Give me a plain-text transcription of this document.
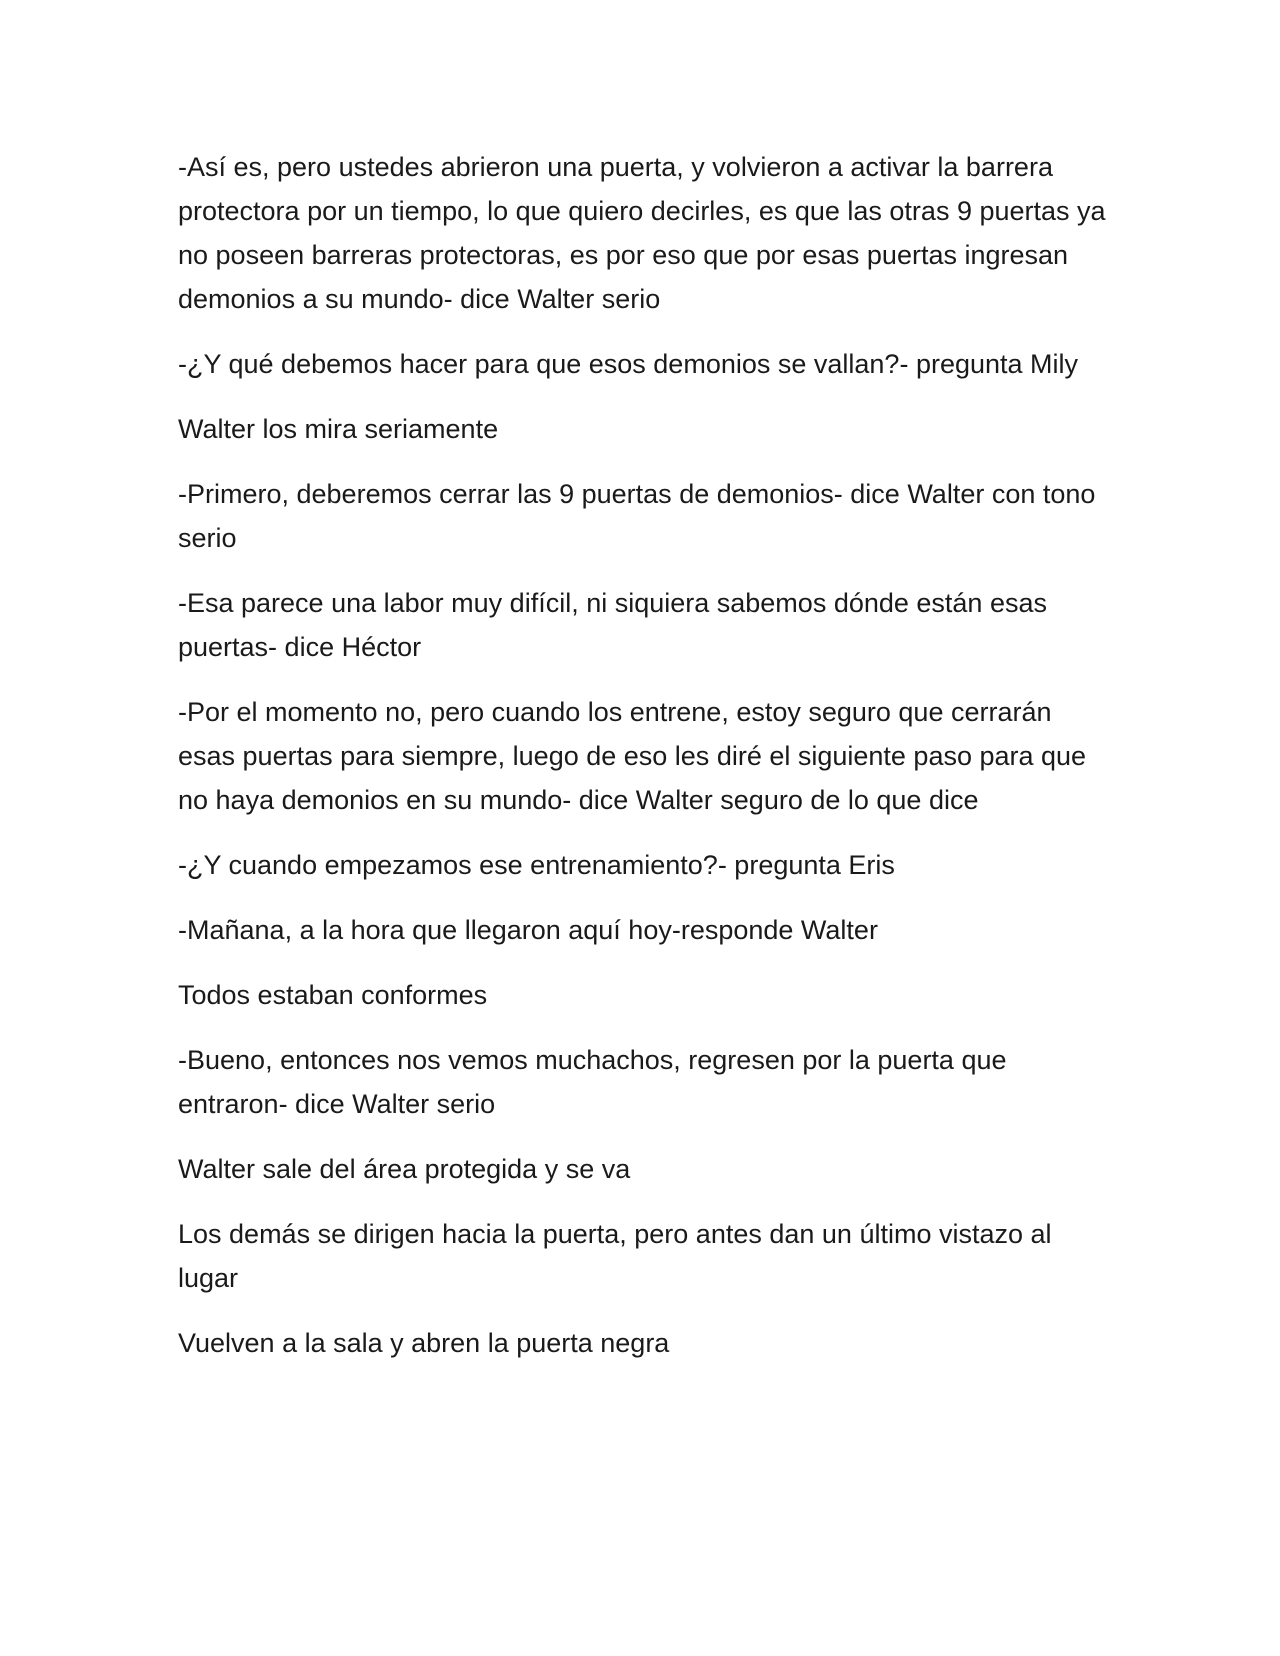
-Así es, pero ustedes abrieron una puerta, y volvieron a activar la barrera protectora por un tiempo, lo que quiero decirles, es que las otras 9 puertas ya no poseen barreras protectoras, es por eso que por esas puertas ingresan demonios a su mundo- dice Walter serio

-¿Y qué debemos hacer para que esos demonios se vallan?- pregunta Mily

Walter los mira seriamente

-Primero, deberemos cerrar las 9 puertas de demonios- dice Walter con tono serio

-Esa parece una labor muy difícil, ni siquiera sabemos dónde están esas puertas- dice Héctor

-Por el momento no, pero cuando los entrene, estoy seguro que cerrarán esas puertas para siempre, luego de eso les diré el siguiente paso para que no haya demonios en su mundo- dice Walter seguro de lo que dice

-¿Y cuando empezamos ese entrenamiento?- pregunta Eris

-Mañana, a la hora que llegaron aquí hoy-responde Walter

Todos estaban conformes

-Bueno, entonces nos vemos muchachos, regresen por la puerta que entraron- dice Walter serio

Walter sale del área protegida y se va

Los demás se dirigen hacia la puerta, pero antes dan un último vistazo al lugar

Vuelven a la sala y abren la puerta negra
